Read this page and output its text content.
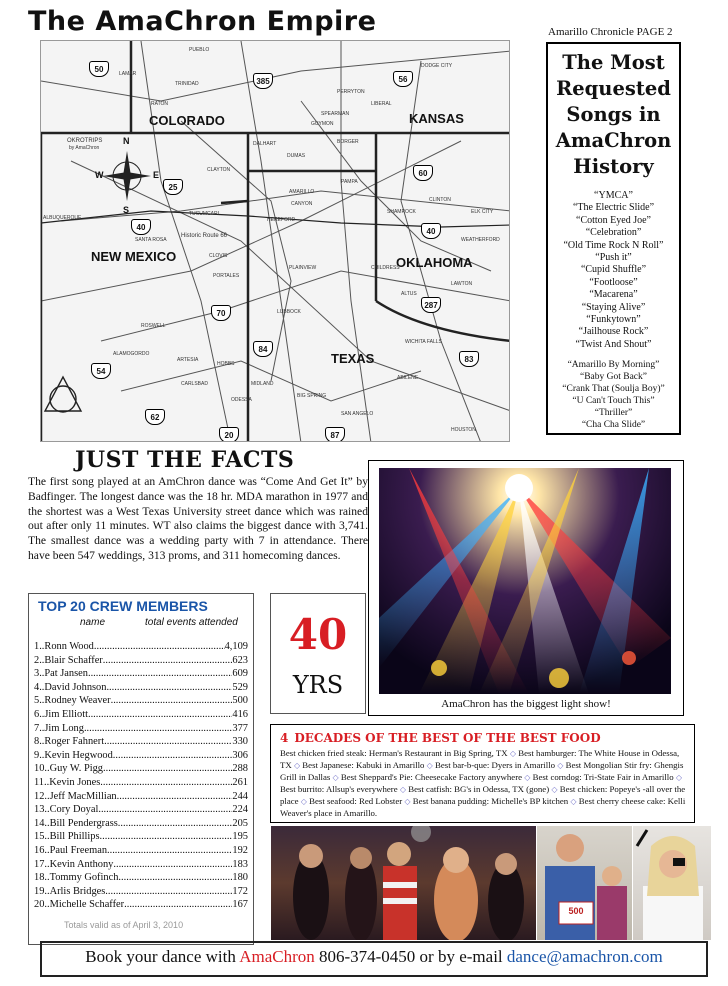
The AmaChron Empire	Amarillo Chronicle PAGE 2
COLORADO	KANSAS
NEW MEXICO	OKLAHOMA
TEXAS
OKROTRIPS
by AmaChron
N
S
E
W
Historic Route 66
PUEBLO
LAMAR
DODGE CITY
LIBERAL
GUYMON
DALHART
DUMAS
PAMPA
AMARILLO
CANYON
HEREFORD
CLOVIS
PORTALES
LUBBOCK
PLAINVIEW	CHILDRESS
ALTUS
LAWTON
WICHITA FALLS
ABILENE
MIDLAND
ODESSA
SAN ANGELO
BIG SPRING
ROSWELL
ALBUQUERQUE
SANTA ROSA
TUCUMCARI
RATON
TRINIDAD
CLAYTON
CARLSBAD
ARTESIA
HOBBS
ALAMOGORDO
ELK CITY
WEATHERFORD
CLINTON
SHAMROCK
BORGER
PERRYTON
SPEARMAN
HOUSTON
50
385	56
25
87
40
60
54
70
62
84
287
20
40
83
The Most Requested Songs in AmaChron History
“YMCA”
“The Electric Slide”
“Cotton Eyed Joe”
“Celebration”
“Old Time Rock N Roll”
“Push it”
“Cupid Shuffle”
“Footloose”
“Macarena”
“Staying Alive”
“Funkytown”
“Jailhouse Rock”
“Twist And Shout”
“Amarillo By Morning”
“Baby Got Back”
“Crank That (Soulja Boy)”
“U Can't Touch This”
“Thriller”
“Cha Cha Slide”
JUST THE FACTS
The first song played at an AmChron dance was “Come And Get It” by Badfinger. The longest dance was the 18 hr. MDA marathon in 1977 and the shortest was a West Texas University street dance which was rained out after only 11 minutes. WT also claims the biggest dance with 3,741. The smallest dance was a wedding party with 7 in attendance. There have been 547 weddings, 313 proms, and 311 homecoming dances.
AmaChron has the biggest light show!
TOP 20 CREW MEMBERS
name	total events attended
1..Ronn Wood .....	4,109
2..Blair Schaffer .....	623
3..Pat Jansen .....	609
4..David Johnson .....	529
5..Rodney Weaver .....	500
6..Jim Elliott .....	416
7..Jim Long .....	377
8..Roger Fahnert .....	330
9..Kevin Hegwood .....	306
10..Guy W. Pigg .....	288
11..Kevin Jones .....	261
12..Jeff MacMillian .....	244
13..Cory Doyal .....	224
14..Bill Pendergrass .....	205
15..Bill Phillips .....	195
16..Paul Freeman .....	192
17..Kevin Anthony .....	183
18..Tommy Gofinch .....	180
19..Arlis Bridges .....	172
20..Michelle Schaffer .....	167
Totals valid as of April 3, 2010
40
YRS
4 DECADES OF THE BEST OF THE BEST FOOD
Best chicken fried steak: Herman's Restaurant in Big Spring, TX ◇ Best hamburger: The White House in Odessa, TX ◇ Best Japanese: Kabuki in Amarillo ◇ Best bar-b-que: Dyers in Amarillo ◇ Best Mongolian Stir fry: Ghengis Grill in Dallas ◇ Best Sheppard's Pie: Cheesecake Factory anywhere ◇ Best corndog: Tri-State Fair in Amarillo ◇ Best burrito: Allsup's everywhere ◇ Best catfish: BG's in Odessa, TX (gone) ◇ Best chicken: Popeye's -all over the place ◇ Best seafood: Red Lobster ◇ Best banana pudding: Michelle's BP kitchen ◇ Best cherry cheese cake: Kelli Weaver's place in Amarillo.
500
Book your dance with AmaChron 806-374-0450 or by e-mail dance@amachron.com
